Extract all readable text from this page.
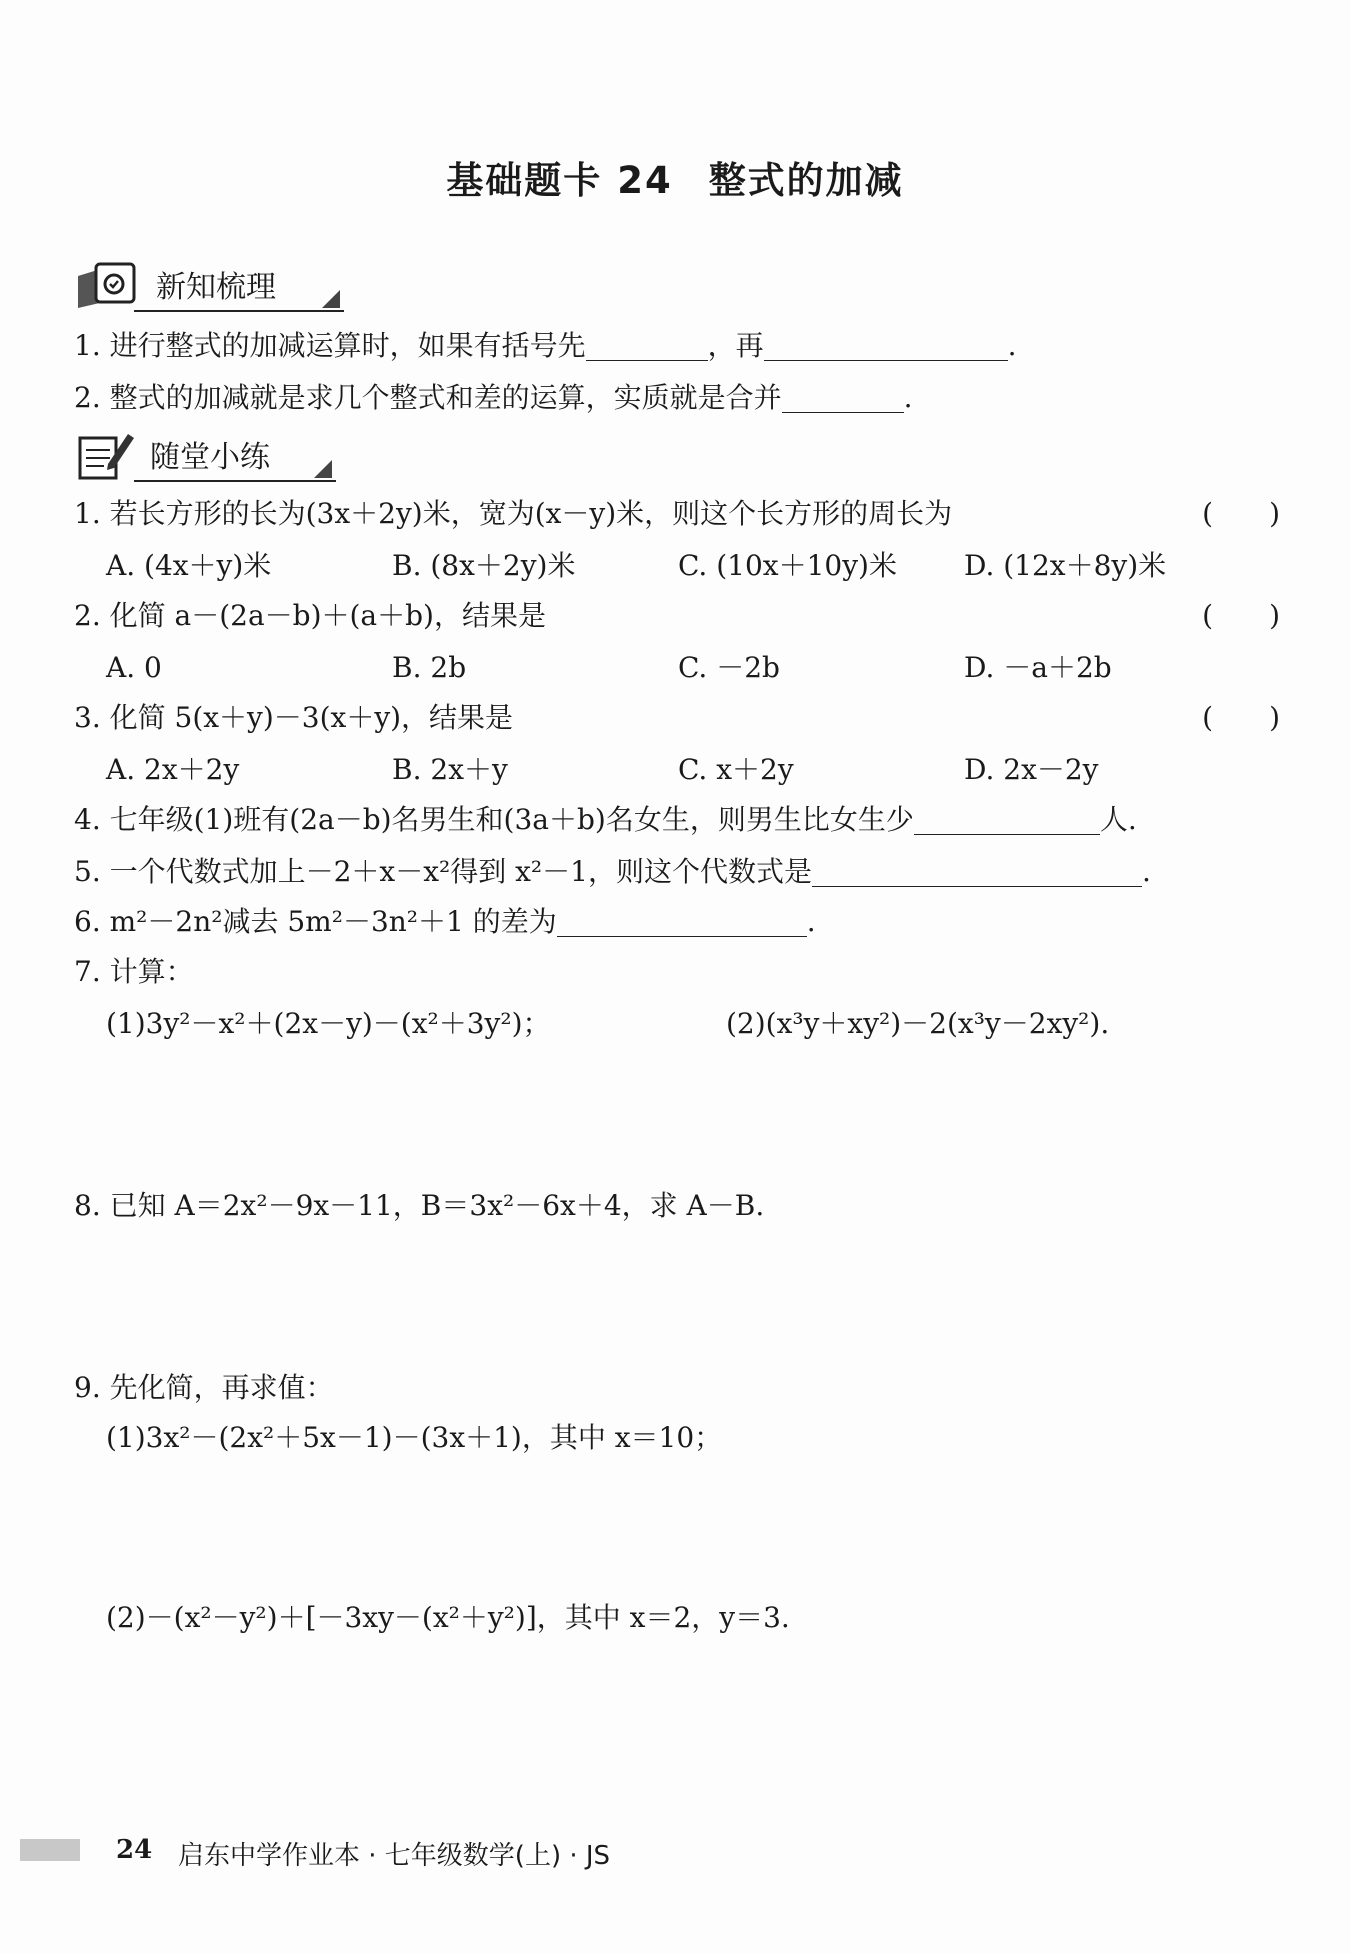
基础题卡 24 整式的加减
新知梳理
1. 进行整式的加减运算时，如果有括号先	，再	.
2. 整式的加减就是求几个整式和差的运算，实质就是合并	.
随堂小练
1. 若长方形的长为(3x＋2y)米，宽为(x－y)米，则这个长方形的周长为	(　　)
A. (4x＋y)米	B. (8x＋2y)米	C. (10x＋10y)米 D. (12x＋8y)米
2. 化简 a－(2a－b)＋(a＋b)，结果是	(　　)
A. 0	B. 2b	C. －2b	D. －a＋2b
3. 化简 5(x＋y)－3(x＋y)，结果是	(　　)
A. 2x＋2y	B. 2x＋y	C. x＋2y	D. 2x－2y
4. 七年级(1)班有(2a－b)名男生和(3a＋b)名女生，则男生比女生少	人.
5. 一个代数式加上－2＋x－x²得到 x²－1，则这个代数式是	.
6. m²－2n²减去 5m²－3n²＋1 的差为	.
7. 计算：
(1)3y²－x²＋(2x－y)－(x²＋3y²)；	(2)(x³y＋xy²)－2(x³y－2xy²).
8. 已知 A＝2x²－9x－11，B＝3x²－6x＋4，求 A－B.
9. 先化简，再求值：
(1)3x²－(2x²＋5x－1)－(3x＋1)，其中 x＝10；
(2)－(x²－y²)＋[－3xy－(x²＋y²)]，其中 x＝2，y＝3.
24 启东中学作业本 · 七年级数学(上) · JS
